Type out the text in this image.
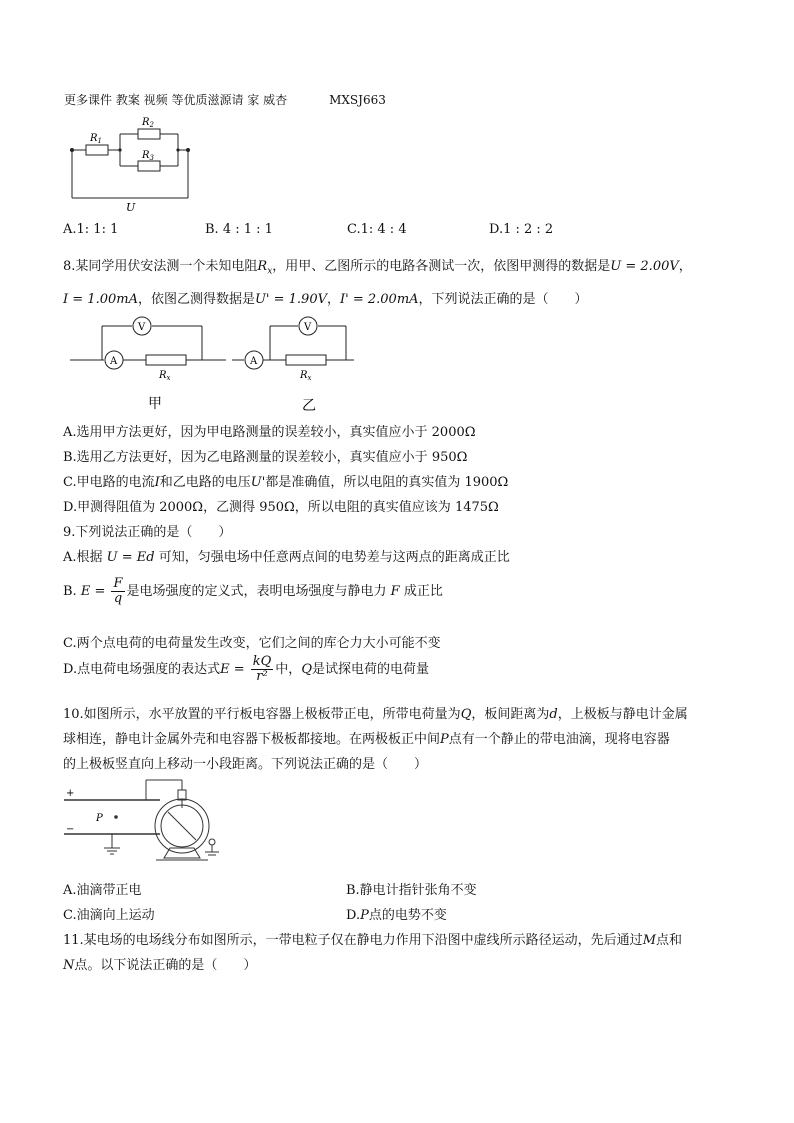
更多课件 教案 视频 等优质滋源请 家 威杏	MXSJ663
$R_1$
$R_2$
$R_3$
U
A.1: 1: 1	B. 4 : 1 : 1	C.1: 4 : 4	D.1 : 2 : 2
8.某同学用伏安法测一个未知电阻$R_x$，用甲、乙图所示的电路各测试一次，依图甲测得的数据是U = 2.00V，
I = 1.00mA，依图乙测得数据是U' = 1.90V，I' = 2.00mA，下列说法正确的是（　　）
A
V
$R_x$
A
V
$R_x$
甲	乙
A.选用甲方法更好，因为甲电路测量的误差较小，真实值应小于 2000Ω
B.选用乙方法更好，因为乙电路测量的误差较小，真实值应小于 950Ω
C.甲电路的电流I和乙电路的电压U'都是准确值，所以电阻的真实值为 1900Ω
D.甲测得阻值为 2000Ω，乙测得 950Ω，所以电阻的真实值应该为 1475Ω
9.下列说法正确的是（　　）
A.根据 U = Ed 可知，匀强电场中任意两点间的电势差与这两点的距离成正比
B. $E = \frac{F}{q}$ 是电场强度的定义式，表明电场强度与静电力 F 成正比
C.两个点电荷的电荷量发生改变，它们之间的库仑力大小可能不变
D.点电荷电场强度的表达式$E = \frac{kQ}{\text{r²}}$ 中，Q是试探电荷的电荷量
10.如图所示，水平放置的平行板电容器上极板带正电，所带电荷量为Q，板间距离为d，上极板与静电计金属
球相连，静电计金属外壳和电容器下极板都接地。在两极板正中间P点有一个静止的带电油滴，现将电容器
的上极板竖直向上移动一小段距离。下列说法正确的是（　　）
+
−
P
A.油滴带正电	B.静电计指针张角不变
C.油滴向上运动	D.P点的电势不变
11.某电场的电场线分布如图所示，一带电粒子仅在静电力作用下沿图中虚线所示路径运动，先后通过M点和
N点。以下说法正确的是（　　）
